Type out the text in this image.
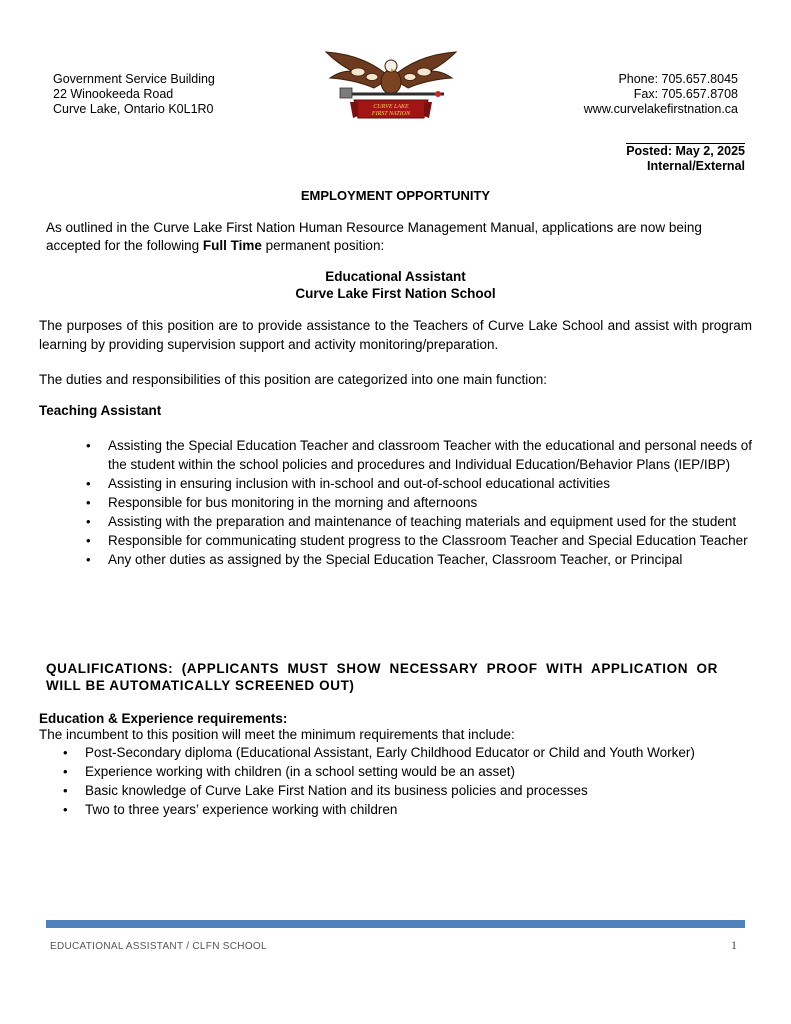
Government Service Building
22 Winookeeda Road
Curve Lake, Ontario K0L1R0	CURVE LAKE
FIRST NATION
Phone: 705.657.8045
Fax: 705.657.8708
www.curvelakefirstnation.ca
Posted: May 2, 2025
Internal/External
EMPLOYMENT OPPORTUNITY
As outlined in the Curve Lake First Nation Human Resource Management Manual, applications are now being accepted for the following Full Time permanent position:
Educational Assistant
Curve Lake First Nation School
The purposes of this position are to provide assistance to the Teachers of Curve Lake School and assist with program learning by providing supervision support and activity monitoring/preparation.
The duties and responsibilities of this position are categorized into one main function:
Teaching Assistant
• Assisting the Special Education Teacher and classroom Teacher with the educational and personal needs of the student within the school policies and procedures and Individual Education/Behavior Plans (IEP/IBP)
• Assisting in ensuring inclusion with in-school and out-of-school educational activities
• Responsible for bus monitoring in the morning and afternoons
• Assisting with the preparation and maintenance of teaching materials and equipment used for the student
• Responsible for communicating student progress to the Classroom Teacher and Special Education Teacher
• Any other duties as assigned by the Special Education Teacher, Classroom Teacher, or Principal
QUALIFICATIONS: (APPLICANTS MUST SHOW NECESSARY PROOF WITH APPLICATION OR WILL BE AUTOMATICALLY SCREENED OUT)
Education & Experience requirements:
The incumbent to this position will meet the minimum requirements that include:
• Post-Secondary diploma (Educational Assistant, Early Childhood Educator or Child and Youth Worker)
• Experience working with children (in a school setting would be an asset)
• Basic knowledge of Curve Lake First Nation and its business policies and processes
• Two to three years’ experience working with children
EDUCATIONAL ASSISTANT / CLFN SCHOOL	1
